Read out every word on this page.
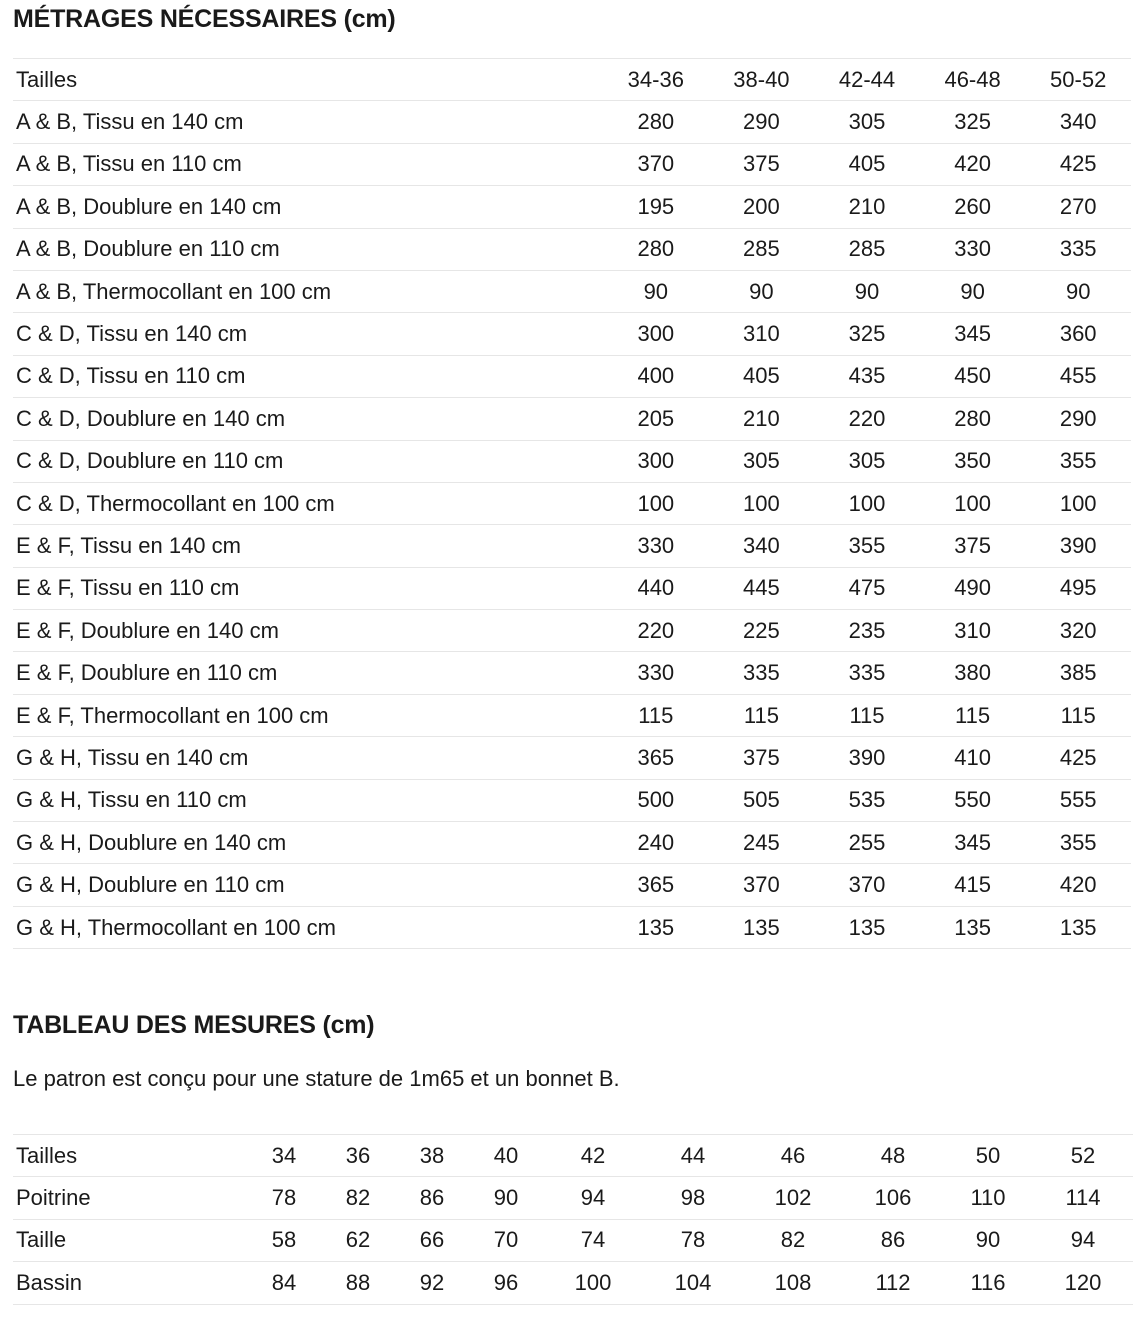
MÉTRAGES NÉCESSAIRES (cm)
Tailles	34-36	38-40	42-44	46-48	50-52
A & B, Tissu en 140 cm	280	290	305	325	340
A & B, Tissu en 110 cm	370	375	405	420	425
A & B, Doublure en 140 cm	195	200	210	260	270
A & B, Doublure en 110 cm	280	285	285	330	335
A & B, Thermocollant en 100 cm	90	90	90	90	90
C & D, Tissu en 140 cm	300	310	325	345	360
C & D, Tissu en 110 cm	400	405	435	450	455
C & D, Doublure en 140 cm	205	210	220	280	290
C & D, Doublure en 110 cm	300	305	305	350	355
C & D, Thermocollant en 100 cm	100	100	100	100	100
E & F, Tissu en 140 cm	330	340	355	375	390
E & F, Tissu en 110 cm	440	445	475	490	495
E & F, Doublure en 140 cm	220	225	235	310	320
E & F, Doublure en 110 cm	330	335	335	380	385
E & F, Thermocollant en 100 cm	115	115	115	115	115
G & H, Tissu en 140 cm	365	375	390	410	425
G & H, Tissu en 110 cm	500	505	535	550	555
G & H, Doublure en 140 cm	240	245	255	345	355
G & H, Doublure en 110 cm	365	370	370	415	420
G & H, Thermocollant en 100 cm	135	135	135	135	135
TABLEAU DES MESURES (cm)

Le patron est conçu pour une stature de 1m65 et un bonnet B.

Tailles	34	36	38	40	42	44	46	48	50	52
Poitrine	78	82	86	90	94	98	102	106	110	114
Taille	58	62	66	70	74	78	82	86	90	94
Bassin	84	88	92	96	100	104	108	112	116	120
